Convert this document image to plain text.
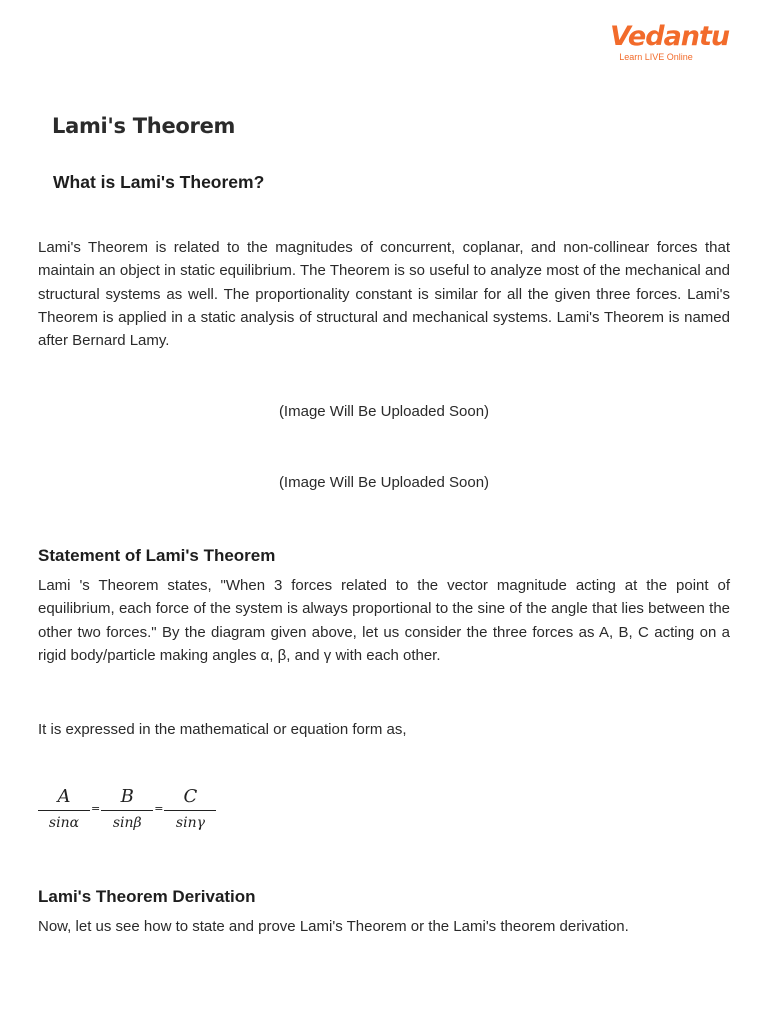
Vedantu
Learn LIVE Online
Lami's Theorem
What is Lami's Theorem?

Lami's Theorem is related to the magnitudes of concurrent, coplanar, and non-collinear forces that maintain an object in static equilibrium. The Theorem is so useful to analyze most of the mechanical and structural systems as well. The proportionality constant is similar for all the given three forces. Lami's Theorem is applied in a static analysis of structural and mechanical systems. Lami's Theorem is named after Bernard Lamy.

(Image Will Be Uploaded Soon)

(Image Will Be Uploaded Soon)

Statement of Lami's Theorem

Lami 's Theorem states, "When 3 forces related to the vector magnitude acting at the point of equilibrium, each force of the system is always proportional to the sine of the angle that lies between the other two forces." By the diagram given above, let us consider the three forces as A, B, C acting on a rigid body/particle making angles α, β, and γ with each other.

It is expressed in the mathematical or equation form as,

$\frac{A}{\sin\alpha} = \frac{B}{\sin\beta} = \frac{C}{\sin\gamma}$
Lami's Theorem Derivation

Now, let us see how to state and prove Lami's Theorem or the Lami's theorem derivation.
